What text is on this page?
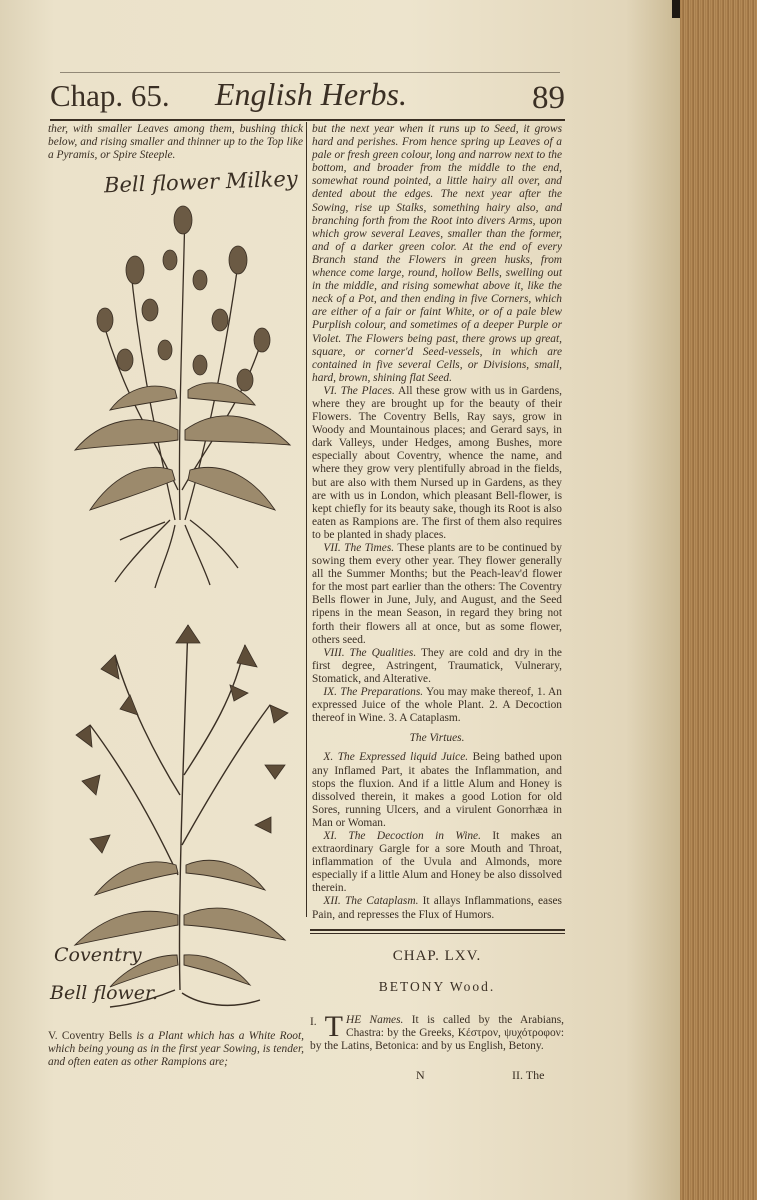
Chap. 65. English Herbs.	89

ther, with smaller Leaves among them, bushing thick below, and rising smaller and thinner up to the Top like a Pyramis, or Spire Steeple.

Bell flower Milkey
Coventry
Bell flower.
V. Coventry Bells is a Plant which has a White Root, which being young as in the first year Sowing, is tender, and often eaten as other Rampions are;

but the next year when it runs up to Seed, it grows hard and perishes. From hence spring up Leaves of a pale or fresh green colour, long and narrow next to the bottom, and broader from the middle to the end, somewhat round pointed, a little hairy all over, and dented about the edges. The next year after the Sowing, rise up Stalks, something hairy also, and branching forth from the Root into divers Arms, upon which grow several Leaves, smaller than the former, and of a darker green color. At the end of every Branch stand the Flowers in green husks, from whence come large, round, hollow Bells, swelling out in the middle, and rising somewhat above it, like the neck of a Pot, and then ending in five Corners, which are either of a fair or faint White, or of a pale blew Purplish colour, and sometimes of a deeper Purple or Violet. The Flowers being past, there grows up great, square, or corner'd Seed-vessels, in which are contained in five several Cells, or Divisions, small, hard, brown, shining flat Seed.

 VI. The Places. All these grow with us in Gardens, where they are brought up for the beauty of their Flowers. The Coventry Bells, Ray says, grow in Woody and Mountainous places; and Gerard says, in dark Valleys, under Hedges, among Bushes, more especially about Coventry, whence the name, and where they grow very plentifully abroad in the fields, but are also with them Nursed up in Gardens, as they are with us in London, which pleasant Bell-flower, is kept chiefly for its beauty sake, though its Root is also eaten as Rampions are. The first of them also requires to be planted in shady places.

 VII. The Times. These plants are to be continued by sowing them every other year. They flower generally all the Summer Months; but the Peach-leav'd flower for the most part earlier than the others: The Coventry Bells flower in June, July, and August, and the Seed ripens in the mean Season, in regard they bring not forth their flowers all at once, but as some flower, others seed.

 VIII. The Qualities. They are cold and dry in the first degree, Astringent, Traumatick, Vulnerary, Stomatick, and Alterative.

 IX. The Preparations. You may make thereof, 1. An expressed Juice of the whole Plant. 2. A Decoction thereof in Wine. 3. A Cataplasm.

The Virtues.

 X. The Expressed liquid Juice. Being bathed upon any Inflamed Part, it abates the Inflammation, and stops the fluxion. And if a little Alum and Honey is dissolved therein, it makes a good Lotion for old Sores, running Ulcers, and a virulent Gonorrhæa in Man or Woman.

 XI. The Decoction in Wine. It makes an extraordinary Gargle for a sore Mouth and Throat, inflammation of the Uvula and Almonds, more especially if a little Alum and Honey be also dissolved therein.

 XII. The Cataplasm. It allays Inflammations, eases Pain, and represses the Flux of Humors.

CHAP. LXV.
BETONY Wood.
I. T HE Names. It is called by the Arabians, Chastra: by the Greeks, Κέστρον, ψυχότροφον: by the Latins, Betonica: and by us English, Betony.
N	II. The
